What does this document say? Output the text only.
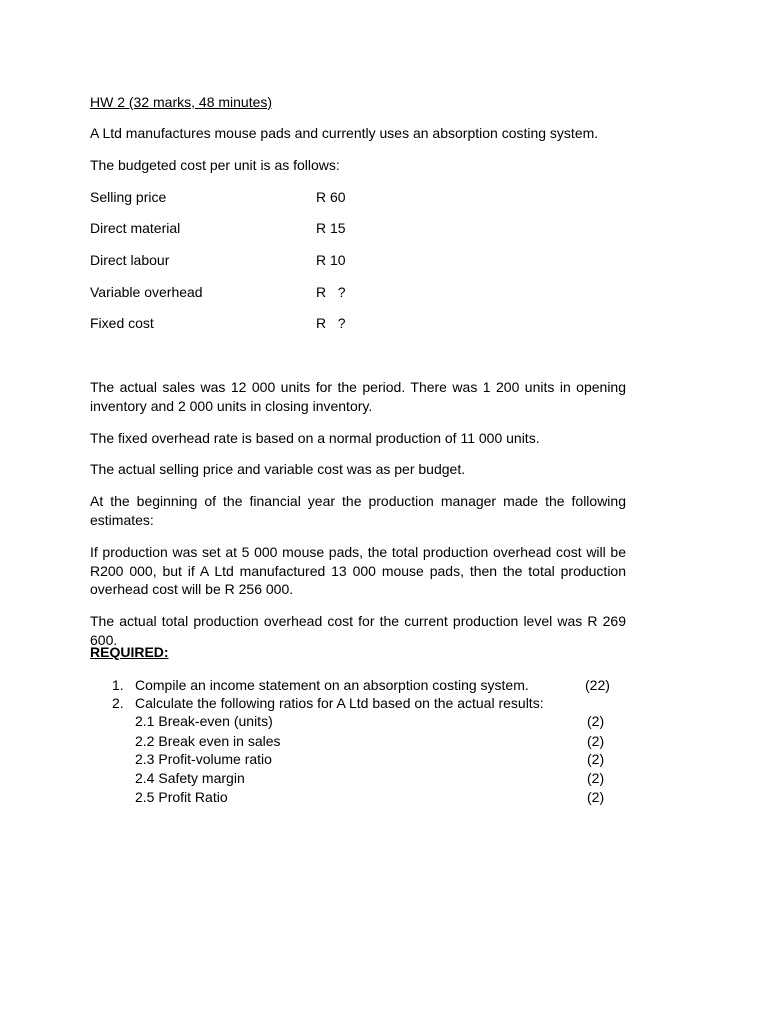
HW 2 (32 marks, 48 minutes)
A Ltd manufactures mouse pads and currently uses an absorption costing system.
The budgeted cost per unit is as follows:
Selling price	R 60
Direct material	R 15
Direct labour	R 10
Variable overhead	R   ?
Fixed cost	R   ?
The actual sales was 12 000 units for the period. There was 1 200 units in opening inventory and 2 000 units in closing inventory.
The fixed overhead rate is based on a normal production of 11 000 units.
The actual selling price and variable cost was as per budget.
At the beginning of the financial year the production manager made the following estimates:
If production was set at 5 000 mouse pads, the total production overhead cost will be R200 000, but if A Ltd manufactured 13 000 mouse pads, then the total production overhead cost will be R 256 000.
The actual total production overhead cost for the current production level was R 269 600.
REQUIRED:
1. Compile an income statement on an absorption costing system.	(22)
2. Calculate the following ratios for A Ltd based on the actual results:
2.1 Break-even (units)	(2)
2.2 Break even in sales	(2)
2.3 Profit-volume ratio	(2)
2.4 Safety margin	(2)
2.5 Profit Ratio	(2)
